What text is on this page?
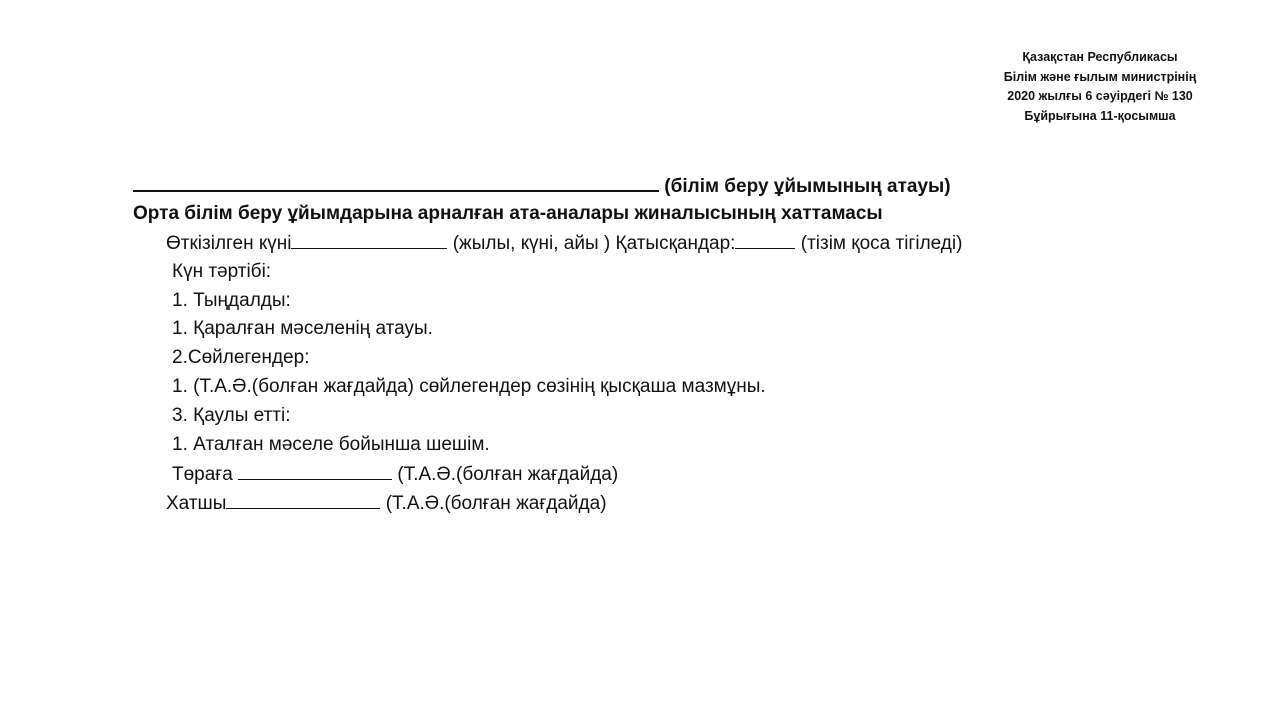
Қазақстан Республикасы
Білім және ғылым министрінің
2020 жылғы 6 сәуірдегі № 130
Бұйрығына 11-қосымша
(білім беру ұйымының атауы)
Орта білім беру ұйымдарына арналған ата-аналары жиналысының хаттамасы
Өткізілген күні	(жылы, күні, айы ) Қатысқандар:	(тізім қоса тігіледі)
Күн тәртібі:
1. Тыңдалды:
1. Қаралған мәселенің атауы.
2.Сөйлегендер:
1. (Т.А.Ә.(болған жағдайда) сөйлегендер сөзінің қысқаша мазмұны.
3. Қаулы етті:
1. Аталған мәселе бойынша шешім.
Төраға	(Т.А.Ә.(болған жағдайда)
Хатшы	(Т.А.Ә.(болған жағдайда)
